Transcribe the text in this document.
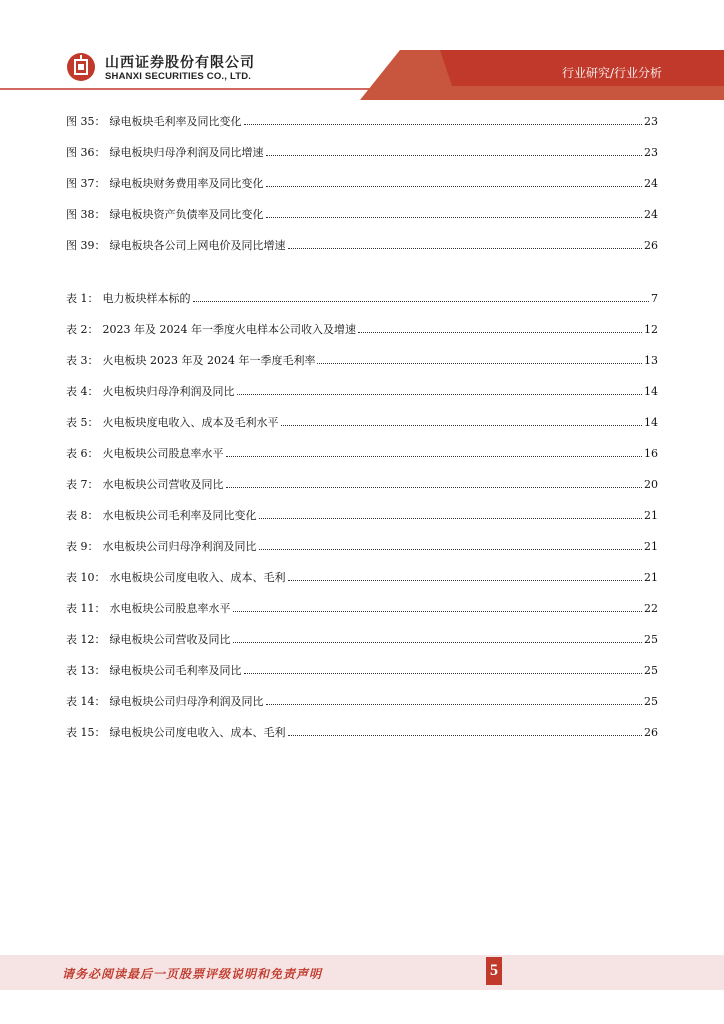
山西证券股份有限公司
SHANXI SECURITIES CO., LTD.	行业研究/行业分析
图 35： 绿电板块毛利率及同比变化	23
图 36： 绿电板块归母净利润及同比增速	23
图 37： 绿电板块财务费用率及同比变化	24
图 38： 绿电板块资产负债率及同比变化	24
图 39： 绿电板块各公司上网电价及同比增速	26
表 1： 电力板块样本标的	7
表 2： 2023 年及 2024 年一季度火电样本公司收入及增速	12
表 3： 火电板块 2023 年及 2024 年一季度毛利率	13
表 4： 火电板块归母净利润及同比	14
表 5： 火电板块度电收入、成本及毛利水平	14
表 6： 火电板块公司股息率水平	16
表 7： 水电板块公司营收及同比	20
表 8： 水电板块公司毛利率及同比变化	21
表 9： 水电板块公司归母净利润及同比	21
表 10： 水电板块公司度电收入、成本、毛利	21
表 11： 水电板块公司股息率水平	22
表 12： 绿电板块公司营收及同比	25
表 13： 绿电板块公司毛利率及同比	25
表 14： 绿电板块公司归母净利润及同比	25
表 15： 绿电板块公司度电收入、成本、毛利	26
请务必阅读最后一页股票评级说明和免责声明	5
